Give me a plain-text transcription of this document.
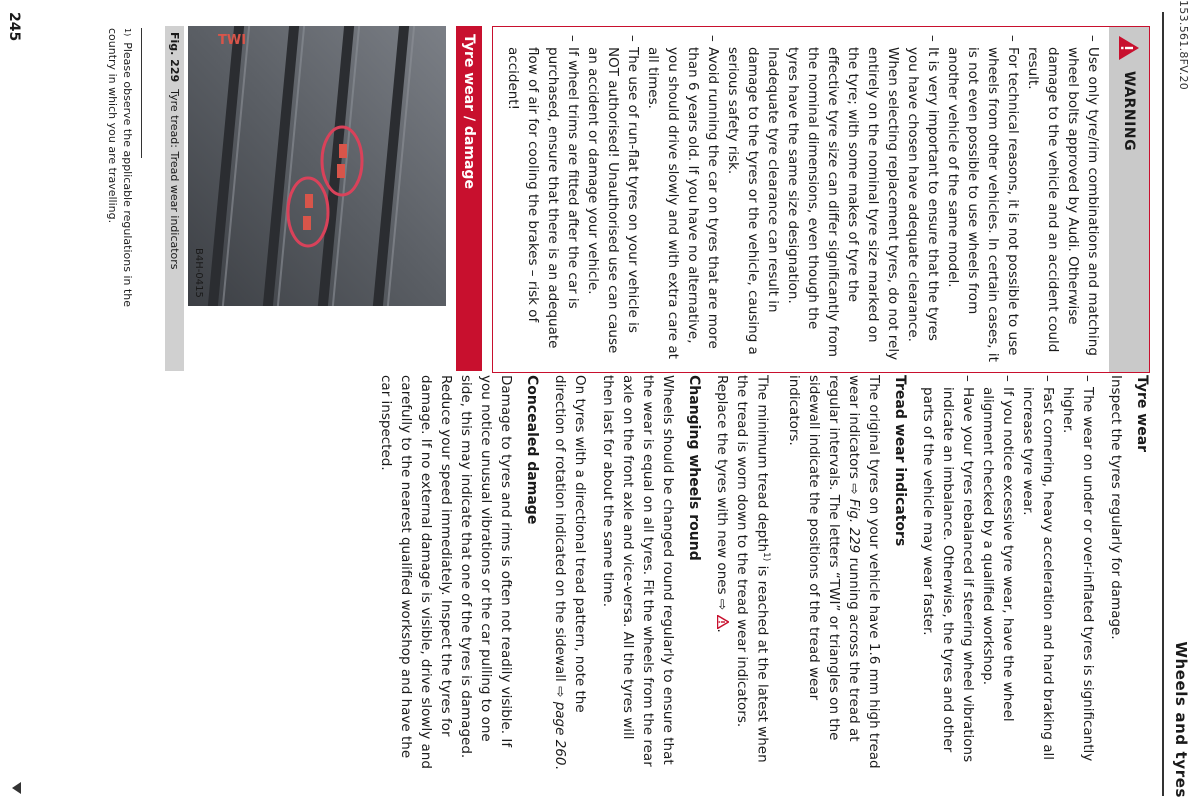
153.561.8FV.20
Wheels and tyres
Tyre wear

Inspect the tyres regularly for damage.

– The wear on under or over-inflated tyres is significantly higher.
– Fast cornering, heavy acceleration and hard braking all increase tyre wear.
– If you notice excessive tyre wear, have the wheel alignment checked by a qualified workshop.
– Have your tyres rebalanced if steering wheel vibrations indicate an imbalance. Otherwise, the tyres and other parts of the vehicle may wear faster.
Tread wear indicators

The original tyres on your vehicle have 1.6 mm high tread wear indicators ⇨ Fig. 229 running across the tread at regular intervals. The letters “TWI” or triangles on the sidewall indicate the positions of the tread wear indicators.

The minimum tread depth$^{1)}$ is reached at the latest when the tread is worn down to the tread wear indicators. Replace the tyres with new ones ⇨ .

Changing wheels round

Wheels should be changed round regularly to ensure that the wear is equal on all tyres. Fit the wheels from the rear axle on the front axle and vice-versa. All the tyres will then last for about the same time.

On tyres with a directional tread pattern, note the direction of rotation indicated on the sidewall ⇨ page 260.

Concealed damage

Damage to tyres and rims is often not readily visible. If you notice unusual vibrations or the car pulling to one side, this may indicate that one of the tyres is damaged. Reduce your speed immediately. Inspect the tyres for damage. If no external damage is visible, drive slowly and carefully to the nearest qualified workshop and have the car inspected.

WARNING
– Use only tyre/rim combinations and matching wheel bolts approved by Audi. Otherwise damage to the vehicle and an accident could result.
– For technical reasons, it is not possible to use wheels from other vehicles. In certain cases, it is not even possible to use wheels from another vehicle of the same model.
– It is very important to ensure that the tyres you have chosen have adequate clearance. When selecting replacement tyres, do not rely entirely on the nominal tyre size marked on the tyre; with some makes of tyre the effective tyre size can differ significantly from the nominal dimensions, even though the tyres have the same size designation. Inadequate tyre clearance can result in damage to the tyres or the vehicle, causing a serious safety risk.
– Avoid running the car on tyres that are more than 6 years old. If you have no alternative, you should drive slowly and with extra care at all times.
– The use of run-flat tyres on your vehicle is NOT authorised! Unauthorised use can cause an accident or damage your vehicle.
– If wheel trims are fitted after the car is purchased, ensure that there is an adequate flow of air for cooling the brakes – risk of accident!
Tyre wear / damage
TWI
B4H-0415
Fig. 229  Tyre tread: Tread wear indicators
$^{1)}$Please observe the applicable regulations in the country in which you are travelling.
245
